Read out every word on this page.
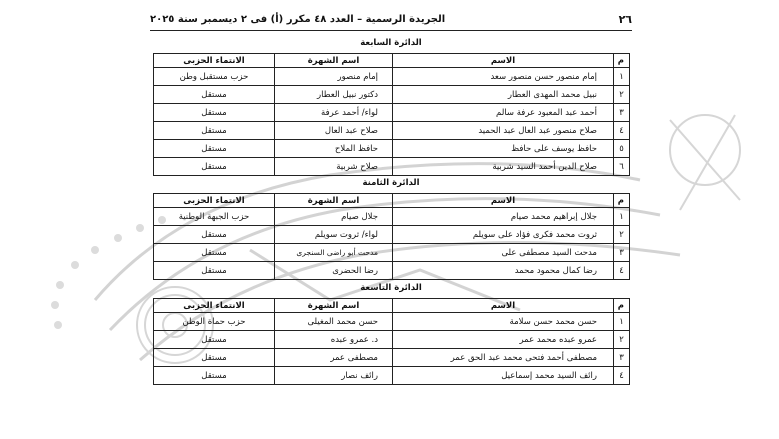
٢٦
الجريدة الرسمية – العدد ٤٨ مكرر (أ) فى ٢ ديسمبر سنة ٢٠٢٥
الدائرة السابعة
م	الاسم	اسم الشهرة	الانتماء الحزبى
١	إمام منصور حسن منصور سعد	إمام منصور	حزب مستقبل وطن
٢	نبيل محمد المهدى العطار	دكتور نبيل العطار	مستقل
٣	أحمد عبد المعبود عرفة سالم	لواء/ أحمد عرفة	مستقل
٤	صلاح منصور عبد العال عبد الحميد	صلاح عبد العال	مستقل
٥	حافظ يوسف على حافظ	حافظ الملاح	مستقل
٦	صلاح الدين أحمد السيد شربية	صلاح شربية	مستقل
الدائرة الثامنة
م	الاسم	اسم الشهرة	الانتماء الحزبى
١	جلال إبراهيم محمد صيام	جلال صيام	حزب الجبهة الوطنية
٢	ثروت محمد فكرى فؤاد على سويلم	لواء/ ثروت سويلم	مستقل
٣	مدحت السيد مصطفى على	مدحت أبو راضى السنجرى	مستقل
٤	رضا كمال محمود محمد	رضا الحضرى	مستقل
الدائرة التاسعة
م	الاسم	اسم الشهرة	الانتماء الحزبى
١	حسن محمد حسن سلامة	حسن محمد المغيلى	حزب حماة الوطن
٢	عمرو عبده محمد عمر	د. عمرو عبده	مستقل
٣	مصطفى أحمد فتحى محمد عبد الحق عمر	مصطفى عمر	مستقل
٤	رائف السيد محمد إسماعيل	رائف نصار	مستقل
